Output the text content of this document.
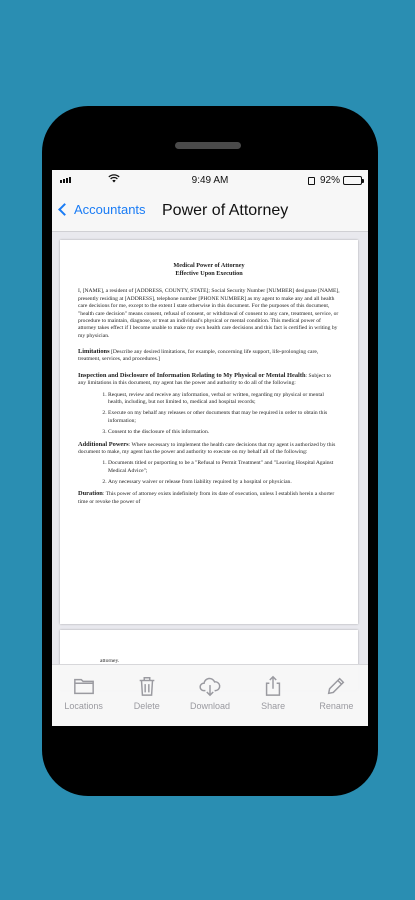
9:49 AM	92%
Accountants Power of Attorney
Medical Power of Attorney
Effective Upon Execution
I, [NAME], a resident of [ADDRESS, COUNTY, STATE]; Social Security Number [NUMBER] designate [NAME], presently residing at [ADDRESS], telephone number [PHONE NUMBER] as my agent to make any and all health care decisions for me, except to the extent I state otherwise in this document. For the purposes of this document, "health care decision" means consent, refusal of consent, or withdrawal of consent to any care, treatment, service, or procedure to maintain, diagnose, or treat an individual's physical or mental condition. This medical power of attorney takes effect if I become unable to make my own health care decisions and this fact is certified in writing by my physician.
Limitations [Describe any desired limitations, for example, concerning life support, life-prolonging care, treatment, services, and procedures.]
Inspection and Disclosure of Information Relating to My Physical or Mental Health: Subject to any limitations in this document, my agent has the power and authority to do all of the following:
1. Request, review and receive any information, verbal or written, regarding my physical or mental health, including, but not limited to, medical and hospital records;
2. Execute on my behalf any releases or other documents that may be required in order to obtain this information;
3. Consent to the disclosure of this information.
Additional Powers: Where necessary to implement the health care decisions that my agent is authorized by this document to make, my agent has the power and authority to execute on my behalf all of the following:
1. Documents titled or purporting to be a "Refusal to Permit Treatment" and "Leaving Hospital Against Medical Advice";
2. Any necessary waiver or release from liability required by a hospital or physician.
Duration: This power of attorney exists indefinitely from its date of execution, unless I establish herein a shorter time or revoke the power of
attorney.
Locations	Delete	Download	Share	Rename
